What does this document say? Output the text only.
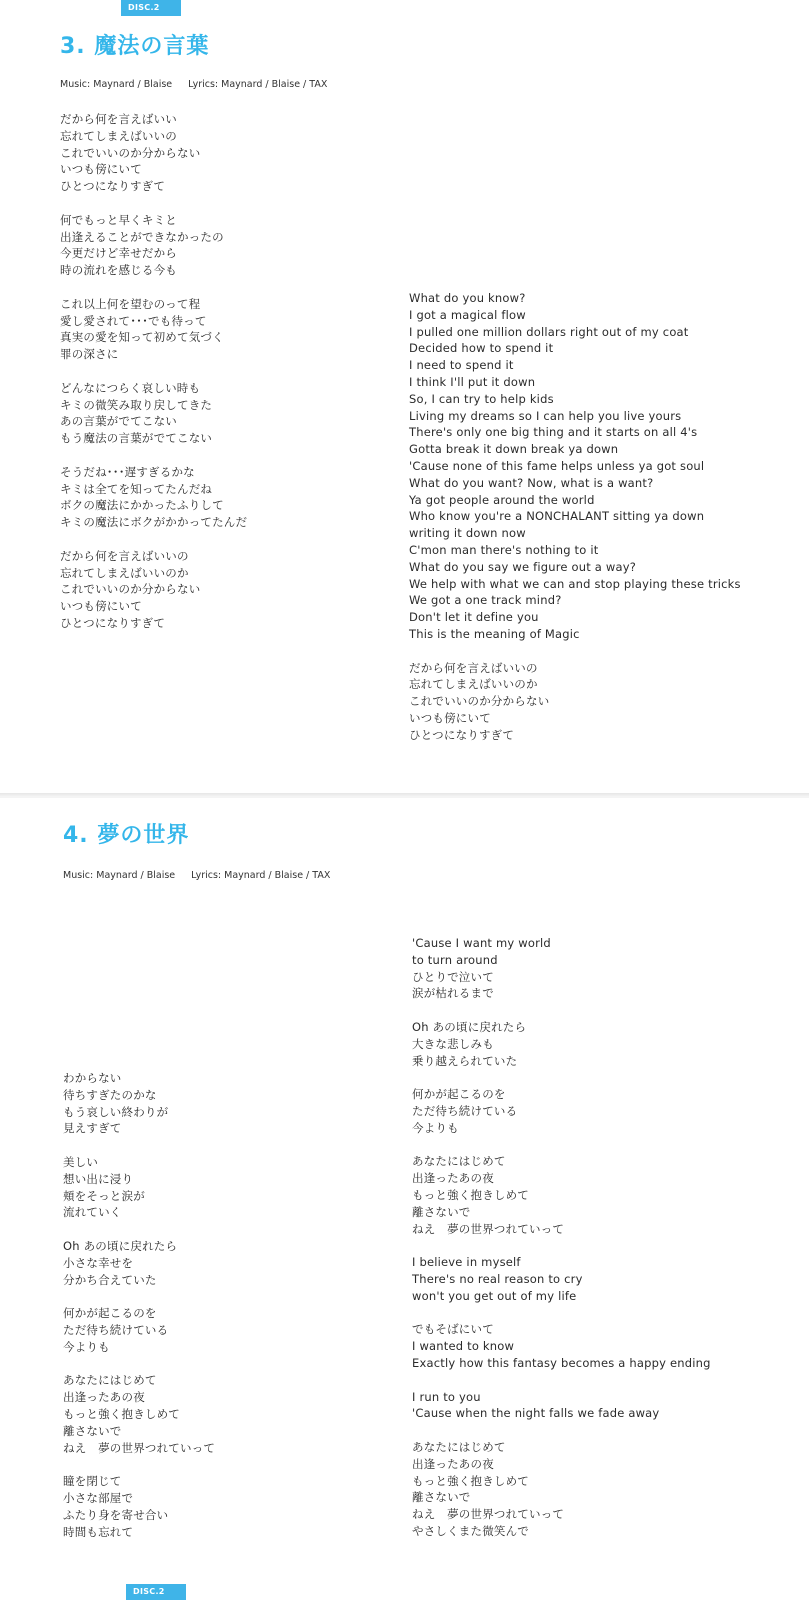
DISC.2
3. 魔法の言葉

Music: Maynard / Blaise Lyrics: Maynard / Blaise / TAX

だから何を言えばいい
忘れてしまえばいいの
これでいいのか分からない
いつも傍にいて
ひとつになりすぎて
何でもっと早くキミと
出逢えることができなかったの
今更だけど幸せだから
時の流れを感じる今も
これ以上何を望むのって程
愛し愛されて･･･でも待って
真実の愛を知って初めて気づく
罪の深さに
どんなにつらく哀しい時も
キミの微笑み取り戻してきた
あの言葉がでてこない
もう魔法の言葉がでてこない
そうだね･･･遅すぎるかな
キミは全てを知ってたんだね
ボクの魔法にかかったふりして
キミの魔法にボクがかかってたんだ
だから何を言えばいいの
忘れてしまえばいいのか
これでいいのか分からない
いつも傍にいて
ひとつになりすぎて
What do you know?
I got a magical flow
I pulled one million dollars right out of my coat
Decided how to spend it
I need to spend it
I think I'll put it down
So, I can try to help kids
Living my dreams so I can help you live yours
There's only one big thing and it starts on all 4's
Gotta break it down break ya down
'Cause none of this fame helps unless ya got soul
What do you want? Now, what is a want?
Ya got people around the world
Who know you're a NONCHALANT sitting ya down
writing it down now
C'mon man there's nothing to it
What do you say we figure out a way?
We help with what we can and stop playing these tricks
We got a one track mind?
Don't let it define you
This is the meaning of Magic
だから何を言えばいいの
忘れてしまえばいいのか
これでいいのか分からない
いつも傍にいて
ひとつになりすぎて
4. 夢の世界

Music: Maynard / Blaise Lyrics: Maynard / Blaise / TAX

わからない
待ちすぎたのかな
もう哀しい終わりが
見えすぎて
美しい
想い出に浸り
頬をそっと涙が
流れていく
Oh あの頃に戻れたら
小さな幸せを
分かち合えていた
何かが起こるのを
ただ待ち続けている
今よりも
あなたにはじめて
出逢ったあの夜
もっと強く抱きしめて
離さないで
ねえ　夢の世界つれていって
瞳を閉じて
小さな部屋で
ふたり身を寄せ合い
時間も忘れて
'Cause I want my world
to turn around
ひとりで泣いて
涙が枯れるまで
Oh あの頃に戻れたら
大きな悲しみも
乗り越えられていた
何かが起こるのを
ただ待ち続けている
今よりも
あなたにはじめて
出逢ったあの夜
もっと強く抱きしめて
離さないで
ねえ　夢の世界つれていって
I believe in myself
There's no real reason to cry
won't you get out of my life
でもそばにいて
I wanted to know
Exactly how this fantasy becomes a happy ending
I run to you
'Cause when the night falls we fade away
あなたにはじめて
出逢ったあの夜
もっと強く抱きしめて
離さないで
ねえ　夢の世界つれていって
やさしくまた微笑んで
DISC.2
